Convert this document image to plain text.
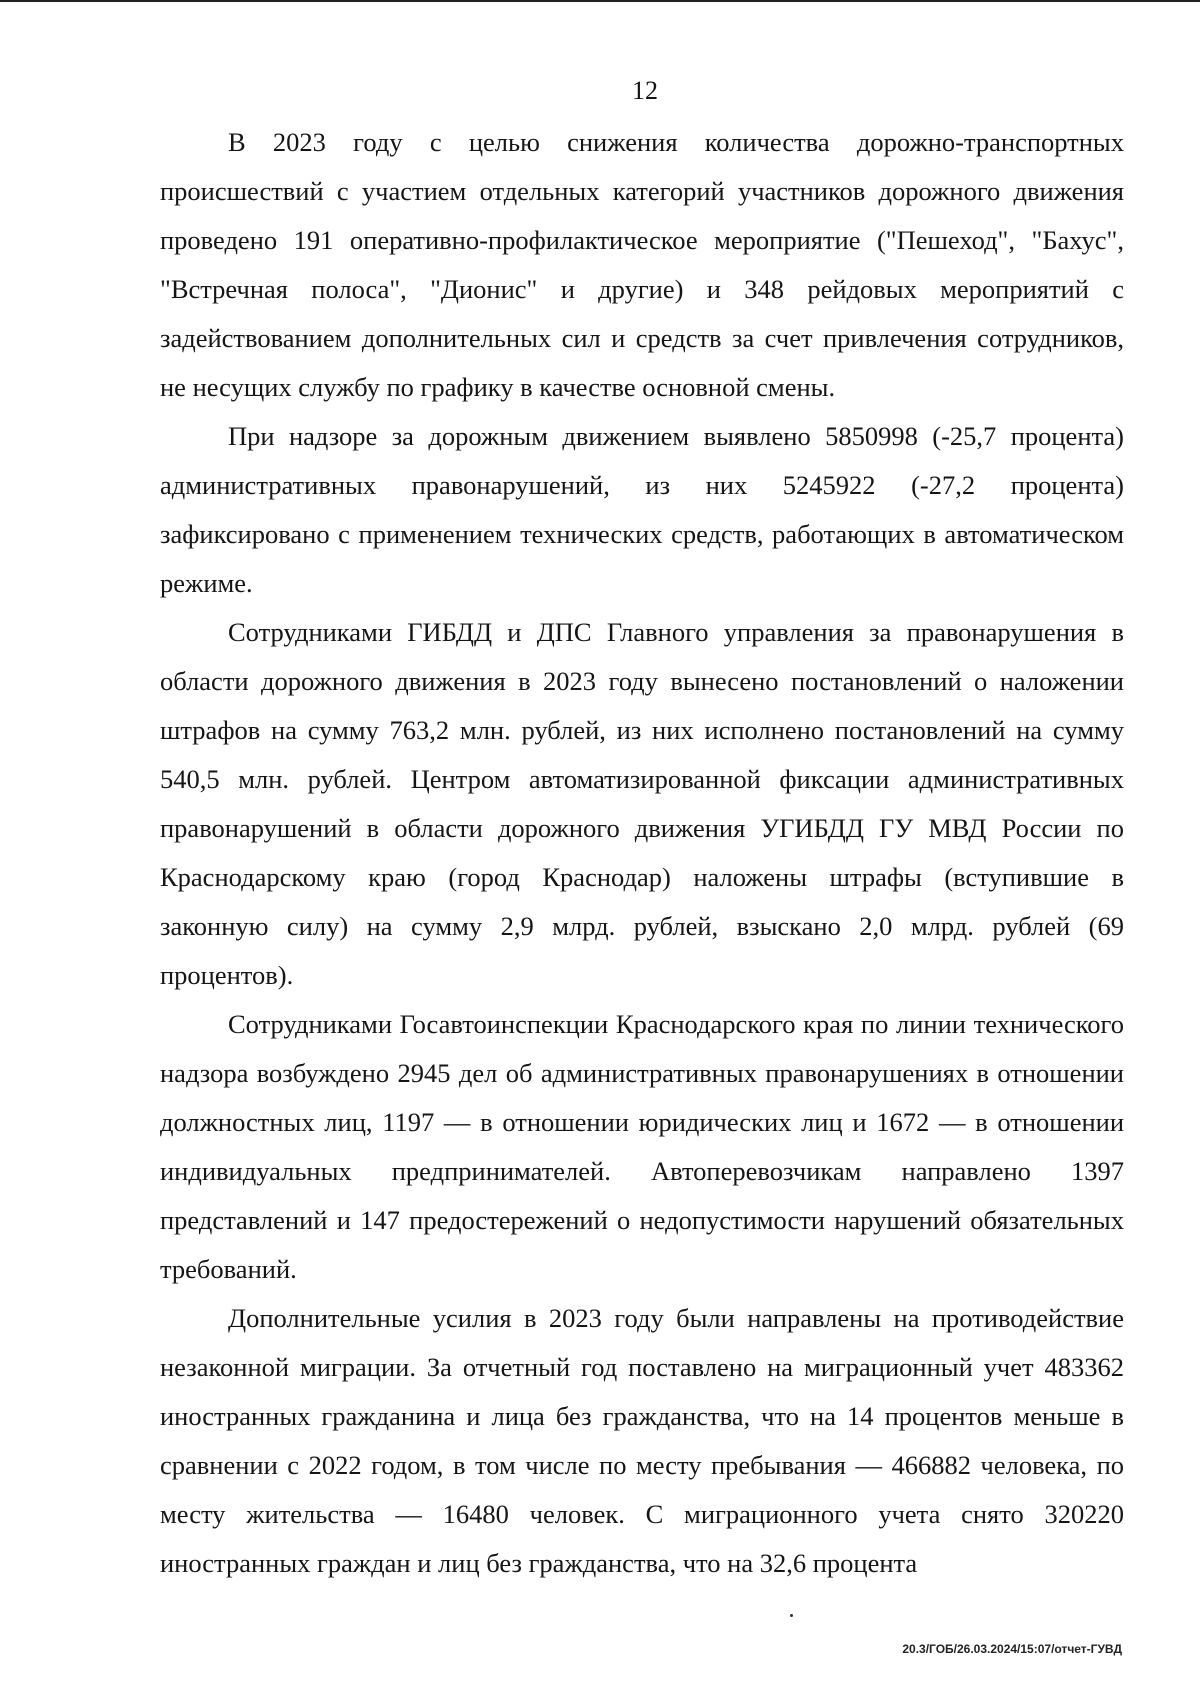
12

В 2023 году с целью снижения количества дорожно-транспортных происшествий с участием отдельных категорий участников дорожного движения проведено 191 оперативно-профилактическое мероприятие ("Пешеход", "Бахус", "Встречная полоса", "Дионис" и другие) и 348 рейдовых мероприятий с задействованием дополнительных сил и средств за счет привлечения сотрудников, не несущих службу по графику в качестве основной смены.

При надзоре за дорожным движением выявлено 5850998 (-25,7 процента) административных правонарушений, из них 5245922 (-27,2 процента) зафиксировано с применением технических средств, работающих в автоматическом режиме.

Сотрудниками ГИБДД и ДПС Главного управления за правонарушения в области дорожного движения в 2023 году вынесено постановлений о наложении штрафов на сумму 763,2 млн. рублей, из них исполнено постановлений на сумму 540,5 млн. рублей. Центром автоматизированной фиксации административных правонарушений в области дорожного движения УГИБДД ГУ МВД России по Краснодарскому краю (город Краснодар) наложены штрафы (вступившие в законную силу) на сумму 2,9 млрд. рублей, взыскано 2,0 млрд. рублей (69 процентов).

Сотрудниками Госавтоинспекции Краснодарского края по линии технического надзора возбуждено 2945 дел об административных правонарушениях в отношении должностных лиц, 1197 — в отношении юридических лиц и 1672 — в отношении индивидуальных предпринимателей. Автоперевозчикам направлено 1397 представлений и 147 предостережений о недопустимости нарушений обязательных требований.

Дополнительные усилия в 2023 году были направлены на противодействие незаконной миграции. За отчетный год поставлено на миграционный учет 483362 иностранных гражданина и лица без гражданства, что на 14 процентов меньше в сравнении с 2022 годом, в том числе по месту пребывания — 466882 человека, по месту жительства — 16480 человек. С миграционного учета снято 320220 иностранных граждан и лиц без гражданства, что на 32,6 процента

20.3/ГОБ/26.03.2024/15:07/отчет-ГУВД
